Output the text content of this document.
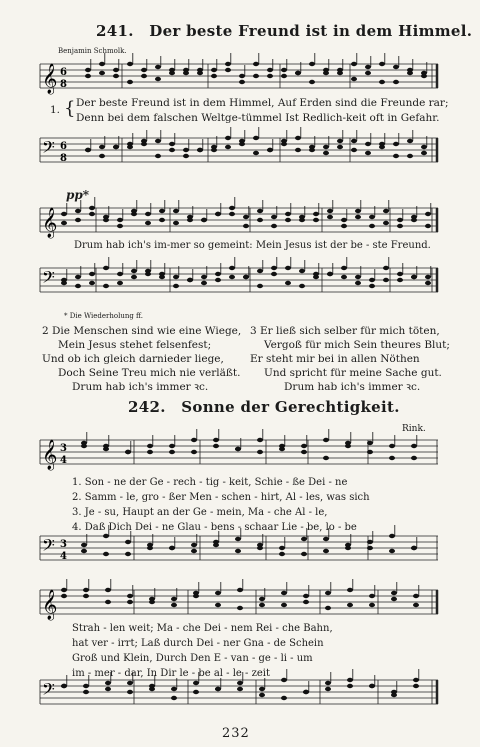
241. Der beste Freund ist in dem Himmel.
Benjamin Schmolk.
𝄞 6
8
1. { Der beste Freund ist in dem Himmel, Auf Erden sind die Freunde rar;
Denn bei dem falschen Weltge-tümmel Ist Redlich-keit oft in Gefahr.
𝄢 6
8
pp*
𝄞
Drum hab ich's im-mer so gemeint: Mein Jesus ist der be - ste Freund.
𝄢
* Die Wiederholung ff.
2 Die Menschen sind wie eine Wiege,
Mein Jesus stehet felsenfest;
Und ob ich gleich darnieder liege,
Doch Seine Treu mich nie verläßt.
Drum hab ich's immer ꝛc.
3 Er ließ sich selber für mich töten,
Vergoß für mich Sein theures Blut;
Er steht mir bei in allen Nöthen
Und spricht für meine Sache gut.
Drum hab ich's immer ꝛc.
242. Sonne der Gerechtigkeit.
Rink.
𝄞 3
4
1. Son - ne der Ge - rech - tig - keit, Schie - ße Dei - ne
2. Samm - le, gro - ßer Men - schen - hirt, Al - les, was sich
3. Je - su, Haupt an der Ge - mein, Ma - che Al - le,
4. Daß Dich Dei - ne Glau - bens - schaar Lie - be, lo - be
𝄢 3
4
𝄞
Strah - len weit; Ma - che Dei - nem Rei - che Bahn,
hat ver - irrt; Laß durch Dei - ner Gna - de Schein
Groß und Klein, Durch Den E - van - ge - li - um
im - mer - dar, In Dir le - be al - le - zeit
𝄢
232
